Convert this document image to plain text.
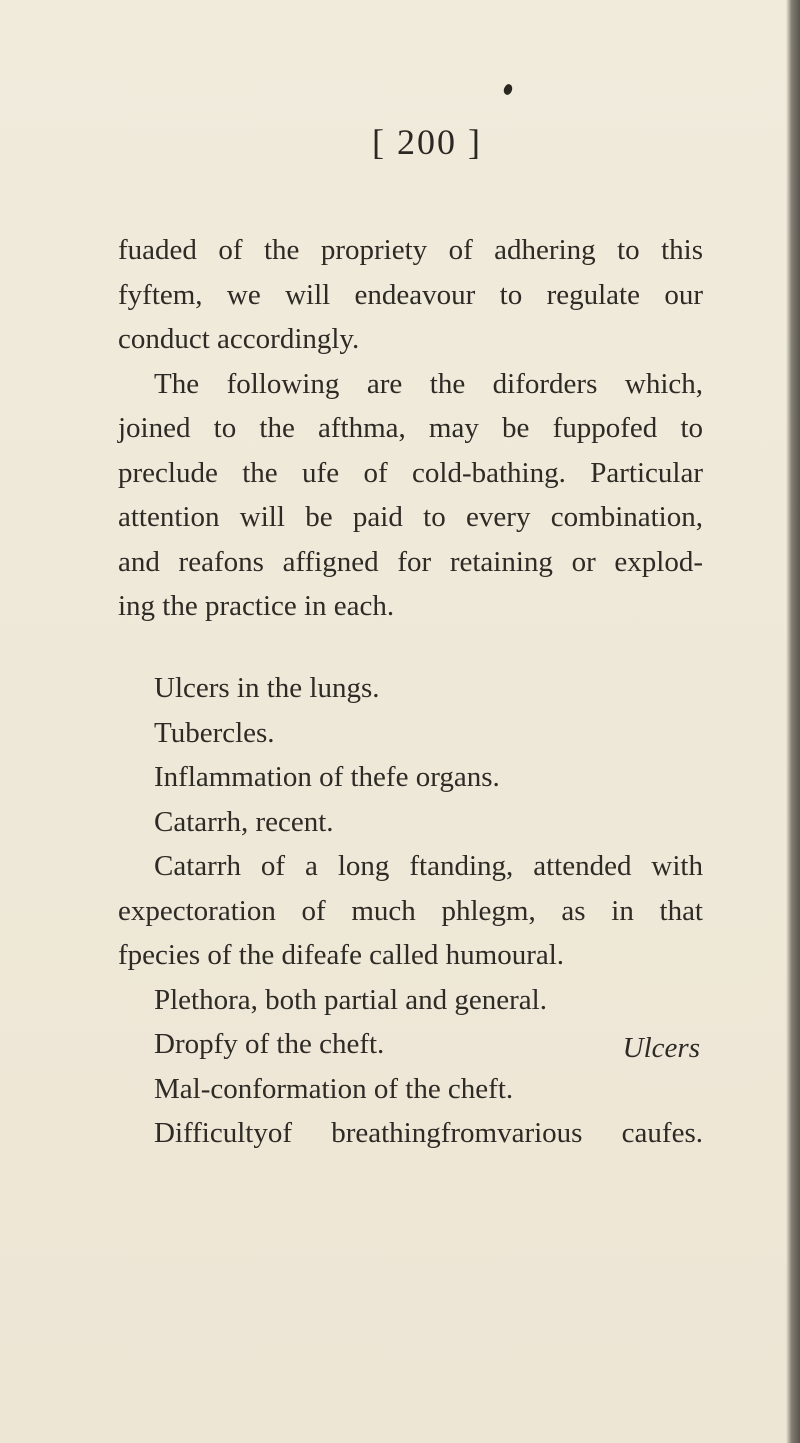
[ 200 ]
fuaded of the propriety of adhering to this
fyftem, we will endeavour to regulate our
conduct accordingly.
The following are the diforders which,
joined to the afthma, may be fuppofed to
preclude the ufe of cold-bathing. Particular
attention will be paid to every combination,
and reafons affigned for retaining or explod-
ing the practice in each.
Ulcers in the lungs.
Tubercles.
Inflammation of thefe organs.
Catarrh, recent.
Catarrh of a long ftanding, attended with
expectoration of much phlegm, as in that
fpecies of the difeafe called humoural.
Plethora, both partial and general.
Dropfy of the cheft.
Mal-conformation of the cheft.
Difficultyof breathingfromvarious caufes.
Ulcers
